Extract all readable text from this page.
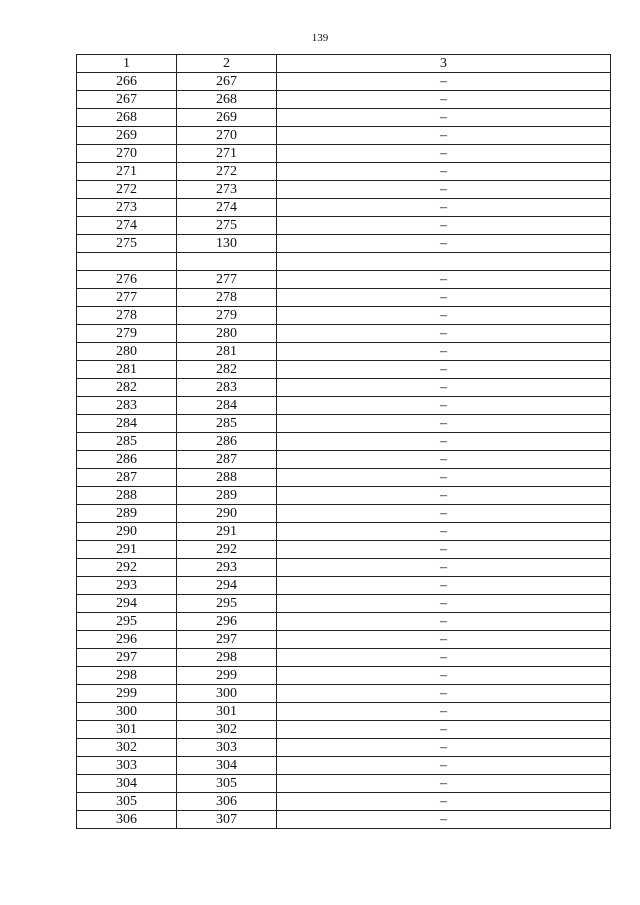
139
1	2	3
266	267	–
267	268	–
268	269	–
269	270	–
270	271	–
271	272	–
272	273	–
273	274	–
274	275	–
275	130	–

276	277	–
277	278	–
278	279	–
279	280	–
280	281	–
281	282	–
282	283	–
283	284	–
284	285	–
285	286	–
286	287	–
287	288	–
288	289	–
289	290	–
290	291	–
291	292	–
292	293	–
293	294	–
294	295	–
295	296	–
296	297	–
297	298	–
298	299	–
299	300	–
300	301	–
301	302	–
302	303	–
303	304	–
304	305	–
305	306	–
306	307	–
